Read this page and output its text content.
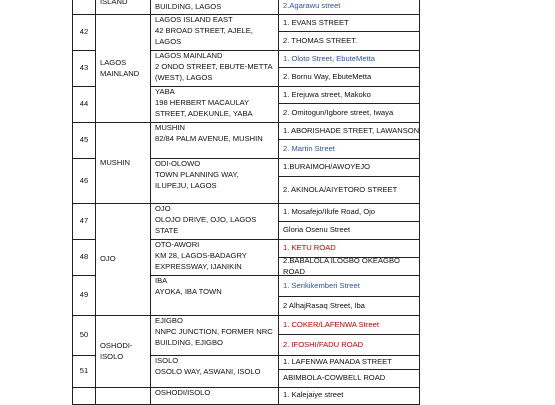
42
43
44
45
46
47
48
49
50
51
ISLAND
LAGOS
MAINLAND
MUSHIN
OJO
OSHODI-
ISOLO
BUILDING, LAGOS
LAGOS ISLAND EAST
42 BROAD STREET, AJELE,
LAGOS
LAGOS MAINLAND
2 ONDO STREET, EBUTE-METTA
(WEST), LAGOS
YABA
198 HERBERT MACAULAY
STREET, ADEKUNLE, YABA
MUSHIN
82/84 PALM AVENUE, MUSHIN
ODI-OLOWO
TOWN PLANNING WAY,
ILUPEJU, LAGOS
OJO
OLOJO DRIVE, OJO, LAGOS
STATE
OTO-AWORI
KM 28, LAGOS-BADAGRY
EXPRESSWAY, IJANIKIN
IBA
AYOKA, IBA TOWN
EJIGBO
NNPC JUNCTION, FORMER NRC
BUILDING, EJIGBO
ISOLO
OSOLO WAY, ASWANI, ISOLO
OSHODI/ISOLO
2.Agarawu street
1. EVANS STREET
2. THOMAS STREET.
1. Oloto Street, EbuteMetta
2. Bornu Way, EbuteMetta
1. Erejuwa street, Makoko
2. Omitogun/Igbore street, Iwaya
1. ABORISHADE STREET, LAWANSON
2. Martin Street
1.BURAIMOH/AWOYEJO
2. AKINOLA/AIYETORO STREET
1. Mosafejo/Ilufe Road, Ojo
Gloria Osenu Street
1. KETU ROAD
2.BABALOLA ILOGBO OKEAGBO
ROAD
1. Serikikemberi Street
2 AlhajRasaq Street, Iba
1. COKER/LAFENWA Street
2. IFOSHI/FADU ROAD
1. LAFENWA PANADA STREET
ABIMBOLA-COWBELL ROAD
1. Kalejaiye street
